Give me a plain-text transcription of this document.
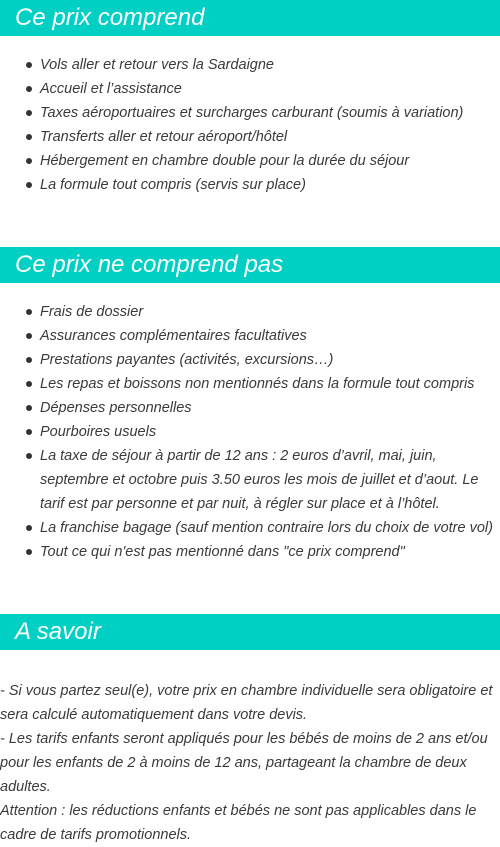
Ce prix comprend
Vols aller et retour vers la Sardaigne
Accueil et l’assistance
Taxes aéroportuaires et surcharges carburant (soumis à variation)
Transferts aller et retour aéroport/hôtel
Hébergement en chambre double pour la durée du séjour
La formule tout compris (servis sur place)
Ce prix ne comprend pas
Frais de dossier
Assurances complémentaires facultatives
Prestations payantes (activités, excursions…)
Les repas et boissons non mentionnés dans la formule tout compris
Dépenses personnelles
Pourboires usuels
La taxe de séjour à partir de 12 ans : 2 euros d’avril, mai, juin, septembre et octobre puis 3.50 euros les mois de juillet et d’aout. Le tarif est par personne et par nuit, à régler sur place et à l’hôtel.
La franchise bagage (sauf mention contraire lors du choix de votre vol)
Tout ce qui n'est pas mentionné dans "ce prix comprend"
A savoir

- Si vous partez seul(e), votre prix en chambre individuelle sera obligatoire et sera calculé automatiquement dans votre devis.

- Les tarifs enfants seront appliqués pour les bébés de moins de 2 ans et/ou pour les enfants de 2 à moins de 12 ans, partageant la chambre de deux adultes.

Attention : les réductions enfants et bébés ne sont pas applicables dans le cadre de tarifs promotionnels.
